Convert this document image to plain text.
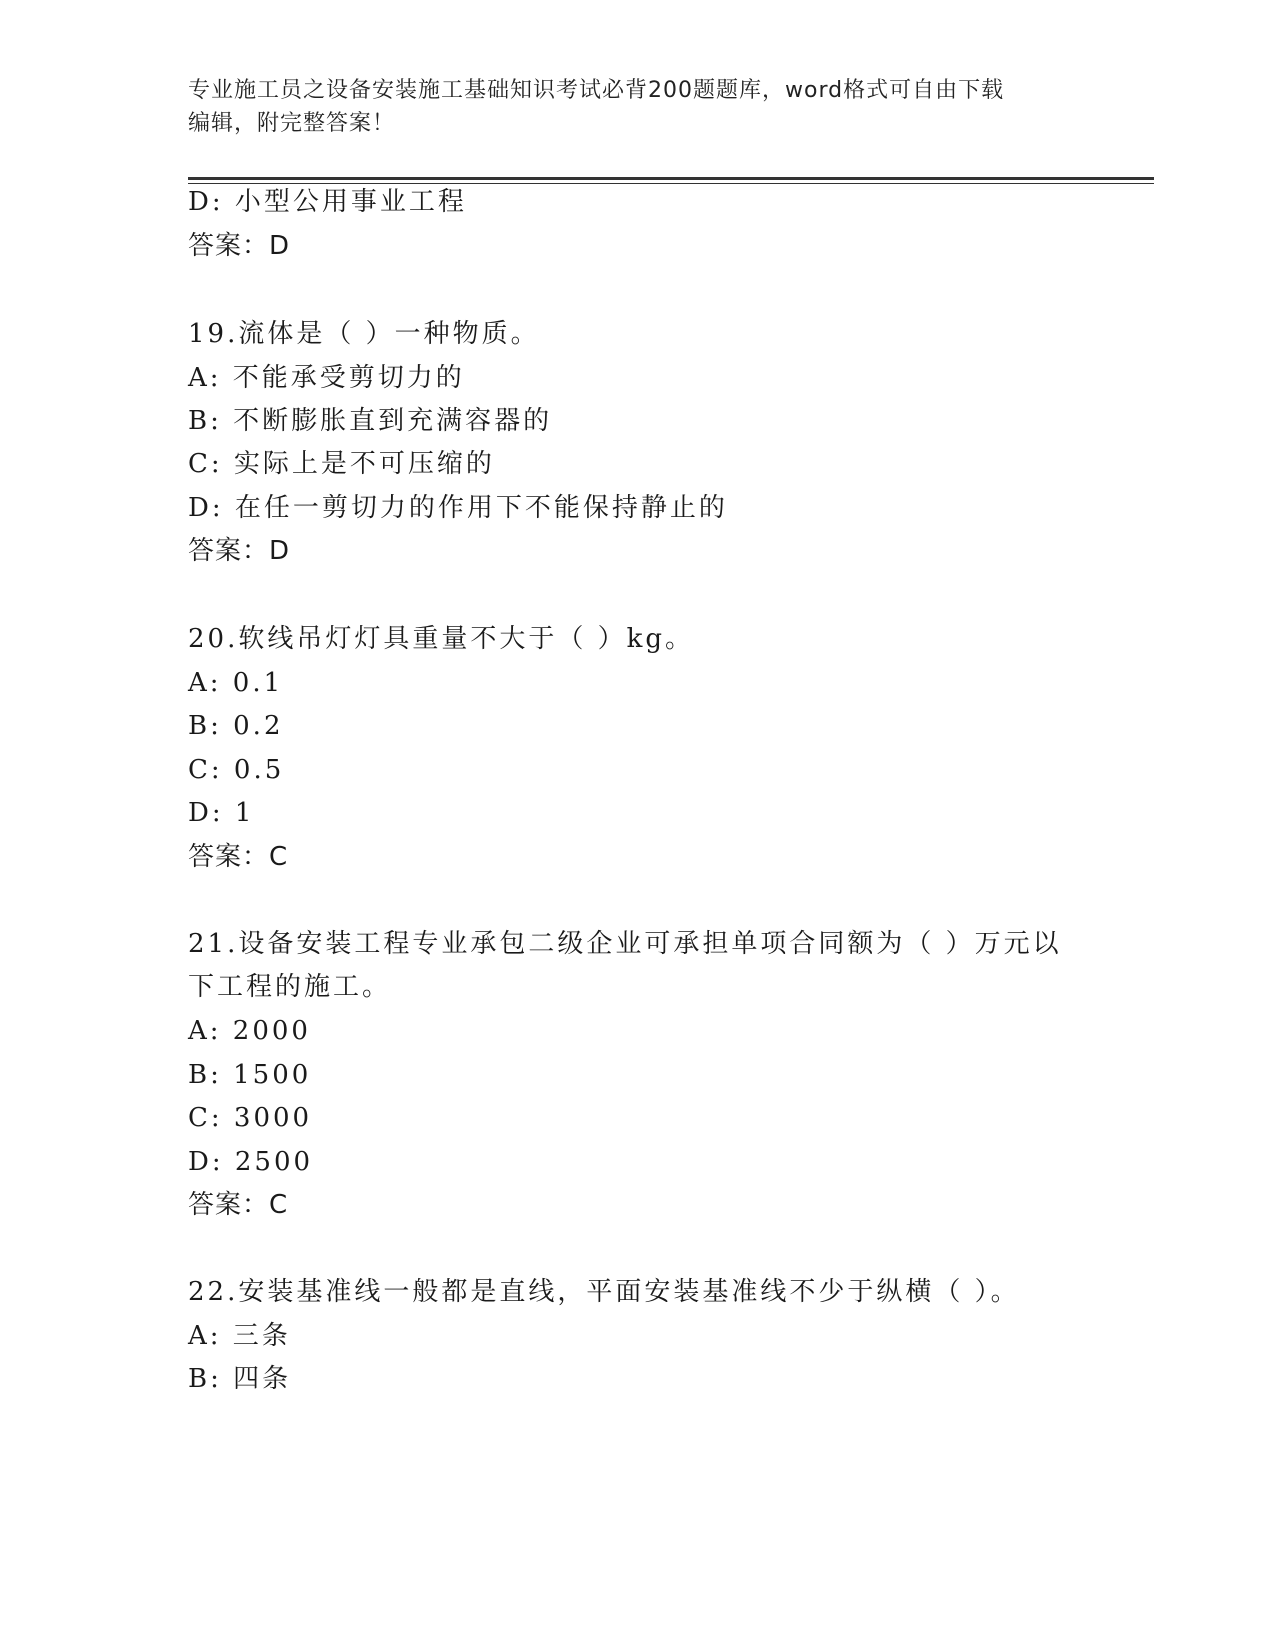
专业施工员之设备安装施工基础知识考试必背200题题库，word格式可自由下载
编辑，附完整答案！
D: 小型公用事业工程
答案：D
19.流体是（ ）一种物质。
A: 不能承受剪切力的
B: 不断膨胀直到充满容器的
C: 实际上是不可压缩的
D: 在任一剪切力的作用下不能保持静止的
答案：D
20.软线吊灯灯具重量不大于（ ）kg。
A: 0.1
B: 0.2
C: 0.5
D: 1
答案：C
21.设备安装工程专业承包二级企业可承担单项合同额为（ ）万元以
下工程的施工。
A: 2000
B: 1500
C: 3000
D: 2500
答案：C
22.安装基准线一般都是直线，平面安装基准线不少于纵横（ ）。
A: 三条
B: 四条
